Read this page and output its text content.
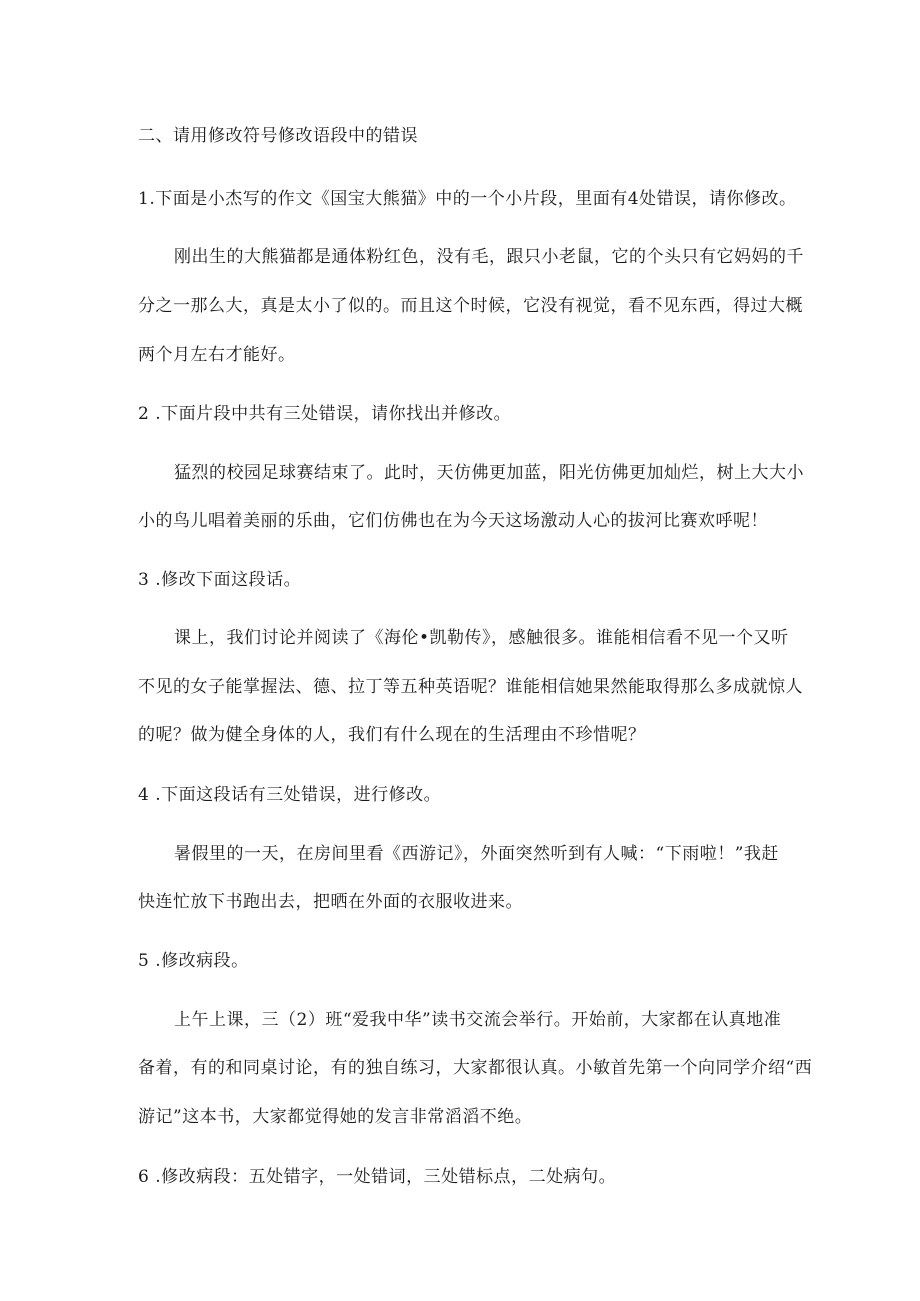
二、请用修改符号修改语段中的错误
1.下面是小杰写的作文《国宝大熊猫》中的一个小片段，里面有4处错误，请你修改。
刚出生的大熊猫都是通体粉红色，没有毛，跟只小老鼠，它的个头只有它妈妈的千
分之一那么大，真是太小了似的。而且这个时候，它没有视觉，看不见东西，得过大概
两个月左右才能好。
2 .下面片段中共有三处错误，请你找出并修改。
猛烈的校园足球赛结束了。此时，天仿佛更加蓝，阳光仿佛更加灿烂，树上大大小
小的鸟儿唱着美丽的乐曲，它们仿佛也在为今天这场激动人心的拔河比赛欢呼呢！
3 .修改下面这段话。
课上，我们讨论并阅读了《海伦•凯勒传》，感触很多。谁能相信看不见一个又听
不见的女子能掌握法、德、拉丁等五种英语呢？谁能相信她果然能取得那么多成就惊人
的呢？做为健全身体的人，我们有什么现在的生活理由不珍惜呢？
4 .下面这段话有三处错误，进行修改。
暑假里的一天，在房间里看《西游记》，外面突然听到有人喊：“下雨啦！”我赶
快连忙放下书跑出去，把晒在外面的衣服收进来。
5 .修改病段。
上午上课，三（2）班“爱我中华”读书交流会举行。开始前，大家都在认真地准
备着，有的和同桌讨论，有的独自练习，大家都很认真。小敏首先第一个向同学介绍“西
游记”这本书，大家都觉得她的发言非常滔滔不绝。
6 .修改病段：五处错字，一处错词，三处错标点，二处病句。
